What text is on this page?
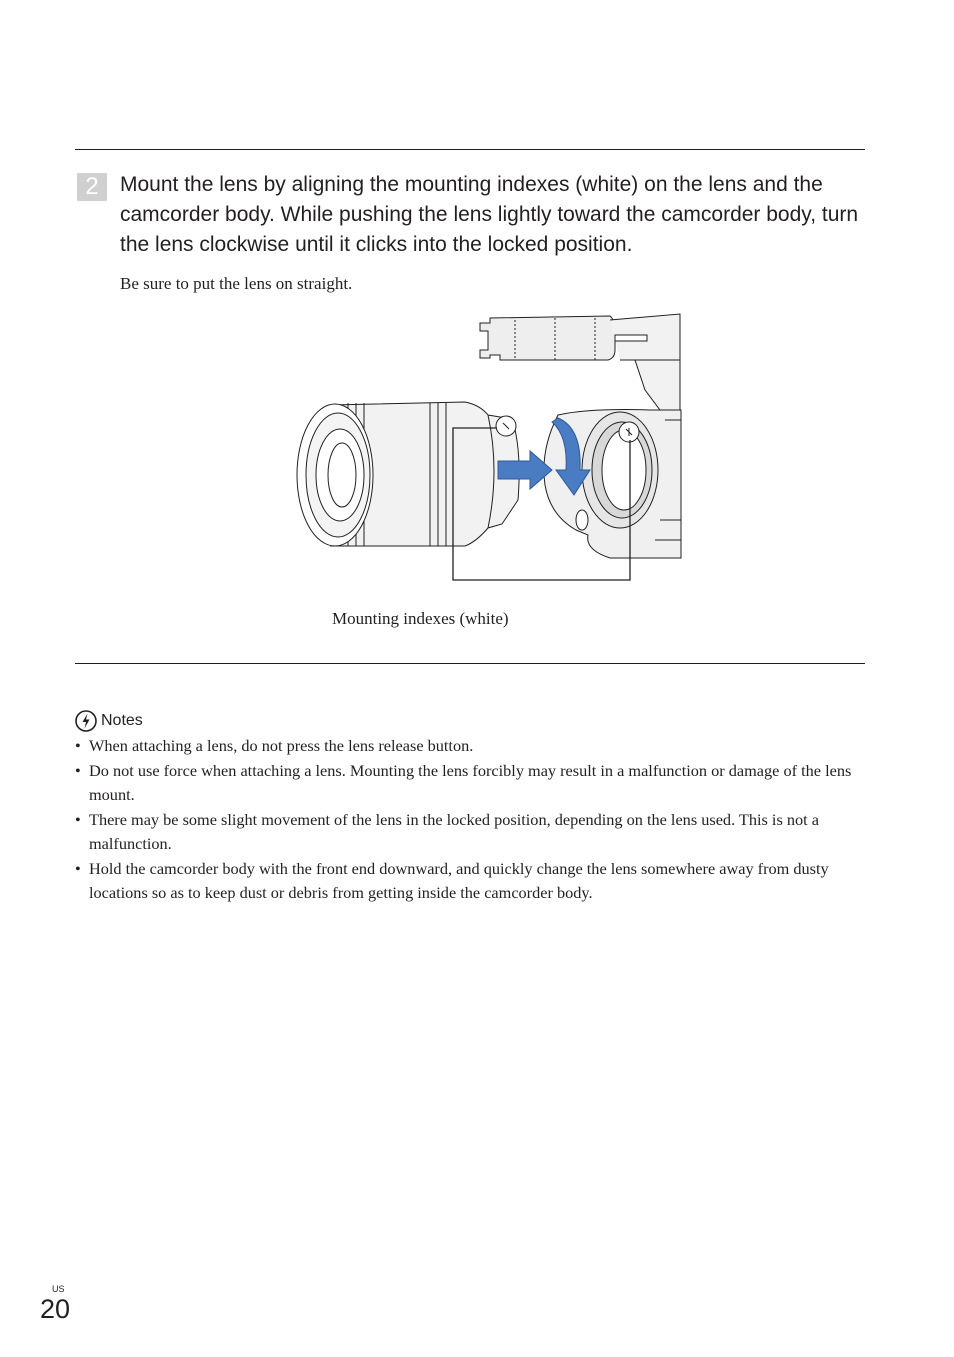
2	Mount the lens by aligning the mounting indexes (white) on the lens and the camcorder body. While pushing the lens lightly toward the camcorder body, turn the lens clockwise until it clicks into the locked position.
Be sure to put the lens on straight.
Mounting indexes (white)
Notes
• When attaching a lens, do not press the lens release button.
• Do not use force when attaching a lens. Mounting the lens forcibly may result in a malfunction or damage of the lens mount.
• There may be some slight movement of the lens in the locked position, depending on the lens used. This is not a malfunction.
• Hold the camcorder body with the front end downward, and quickly change the lens somewhere away from dusty locations so as to keep dust or debris from getting inside the camcorder body.
US
20
